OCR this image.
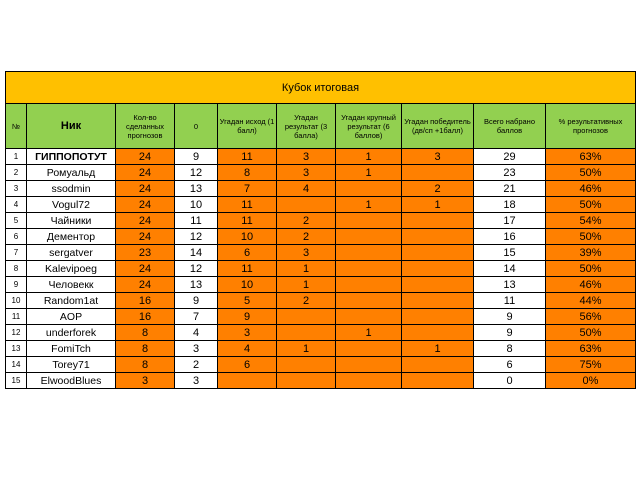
Кубок итоговая									
№	Ник	Кол-во сделанных прогнозов	0	Угадан исход (1 балл)	Угадан результат (3 балла)	Угадан крупный результат (6 баллов)	Угадан победитель (дв/сп +1балл)	Всего набрано баллов	% результативных прогнозов
1	ГИППОПОТУТ	24	9	11	3	1	3	29	63%
2	Ромуальд	24	12	8	3	1		23	50%
3	ssodmin	24	13	7	4		2	21	46%
4	Vogul72	24	10	11		1	1	18	50%
5	Чайники	24	11	11	2			17	54%
6	Дементор	24	12	10	2			16	50%
7	sergatver	23	14	6	3			15	39%
8	Kalevipoeg	24	12	11	1			14	50%
9	Человекк	24	13	10	1			13	46%
10	Random1at	16	9	5	2			11	44%
11	AOP	16	7	9				9	56%
12	underforek	8	4	3		1		9	50%
13	FomiTch	8	3	4	1		1	8	63%
14	Torey71	8	2	6				6	75%
15	ElwoodBlues	3	3					0	0%
